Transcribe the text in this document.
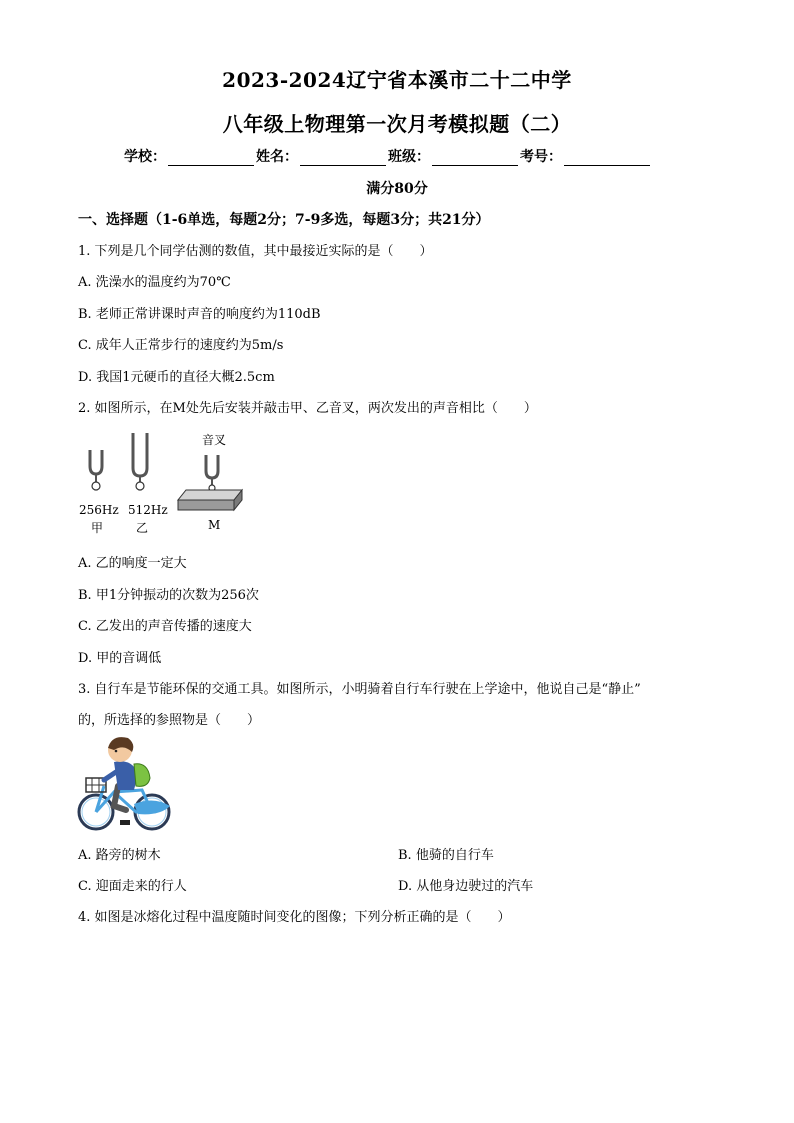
2023-2024辽宁省本溪市二十二中学
八年级上物理第一次月考模拟题（二）
学校：	姓名：	班级：	考号：
满分80分
一、选择题（1-6单选，每题2分；7-9多选，每题3分；共21分）
1. 下列是几个同学估测的数值，其中最接近实际的是（　　）
A. 洗澡水的温度约为70℃
B. 老师正常讲课时声音的响度约为110dB
C. 成年人正常步行的速度约为5m/s
D. 我国1元硬币的直径大概2.5cm
2. 如图所示，在M处先后安装并敲击甲、乙音叉，两次发出的声音相比（　　）
256Hz
甲
512Hz
乙
音叉
M
A. 乙的响度一定大
B. 甲1分钟振动的次数为256次
C. 乙发出的声音传播的速度大
D. 甲的音调低
3. 自行车是节能环保的交通工具。如图所示，小明骑着自行车行驶在上学途中，他说自己是“静止”
的，所选择的参照物是（　　）
A. 路旁的树木	B. 他骑的自行车
C. 迎面走来的行人	D. 从他身边驶过的汽车
4. 如图是冰熔化过程中温度随时间变化的图像；下列分析正确的是（　　）
